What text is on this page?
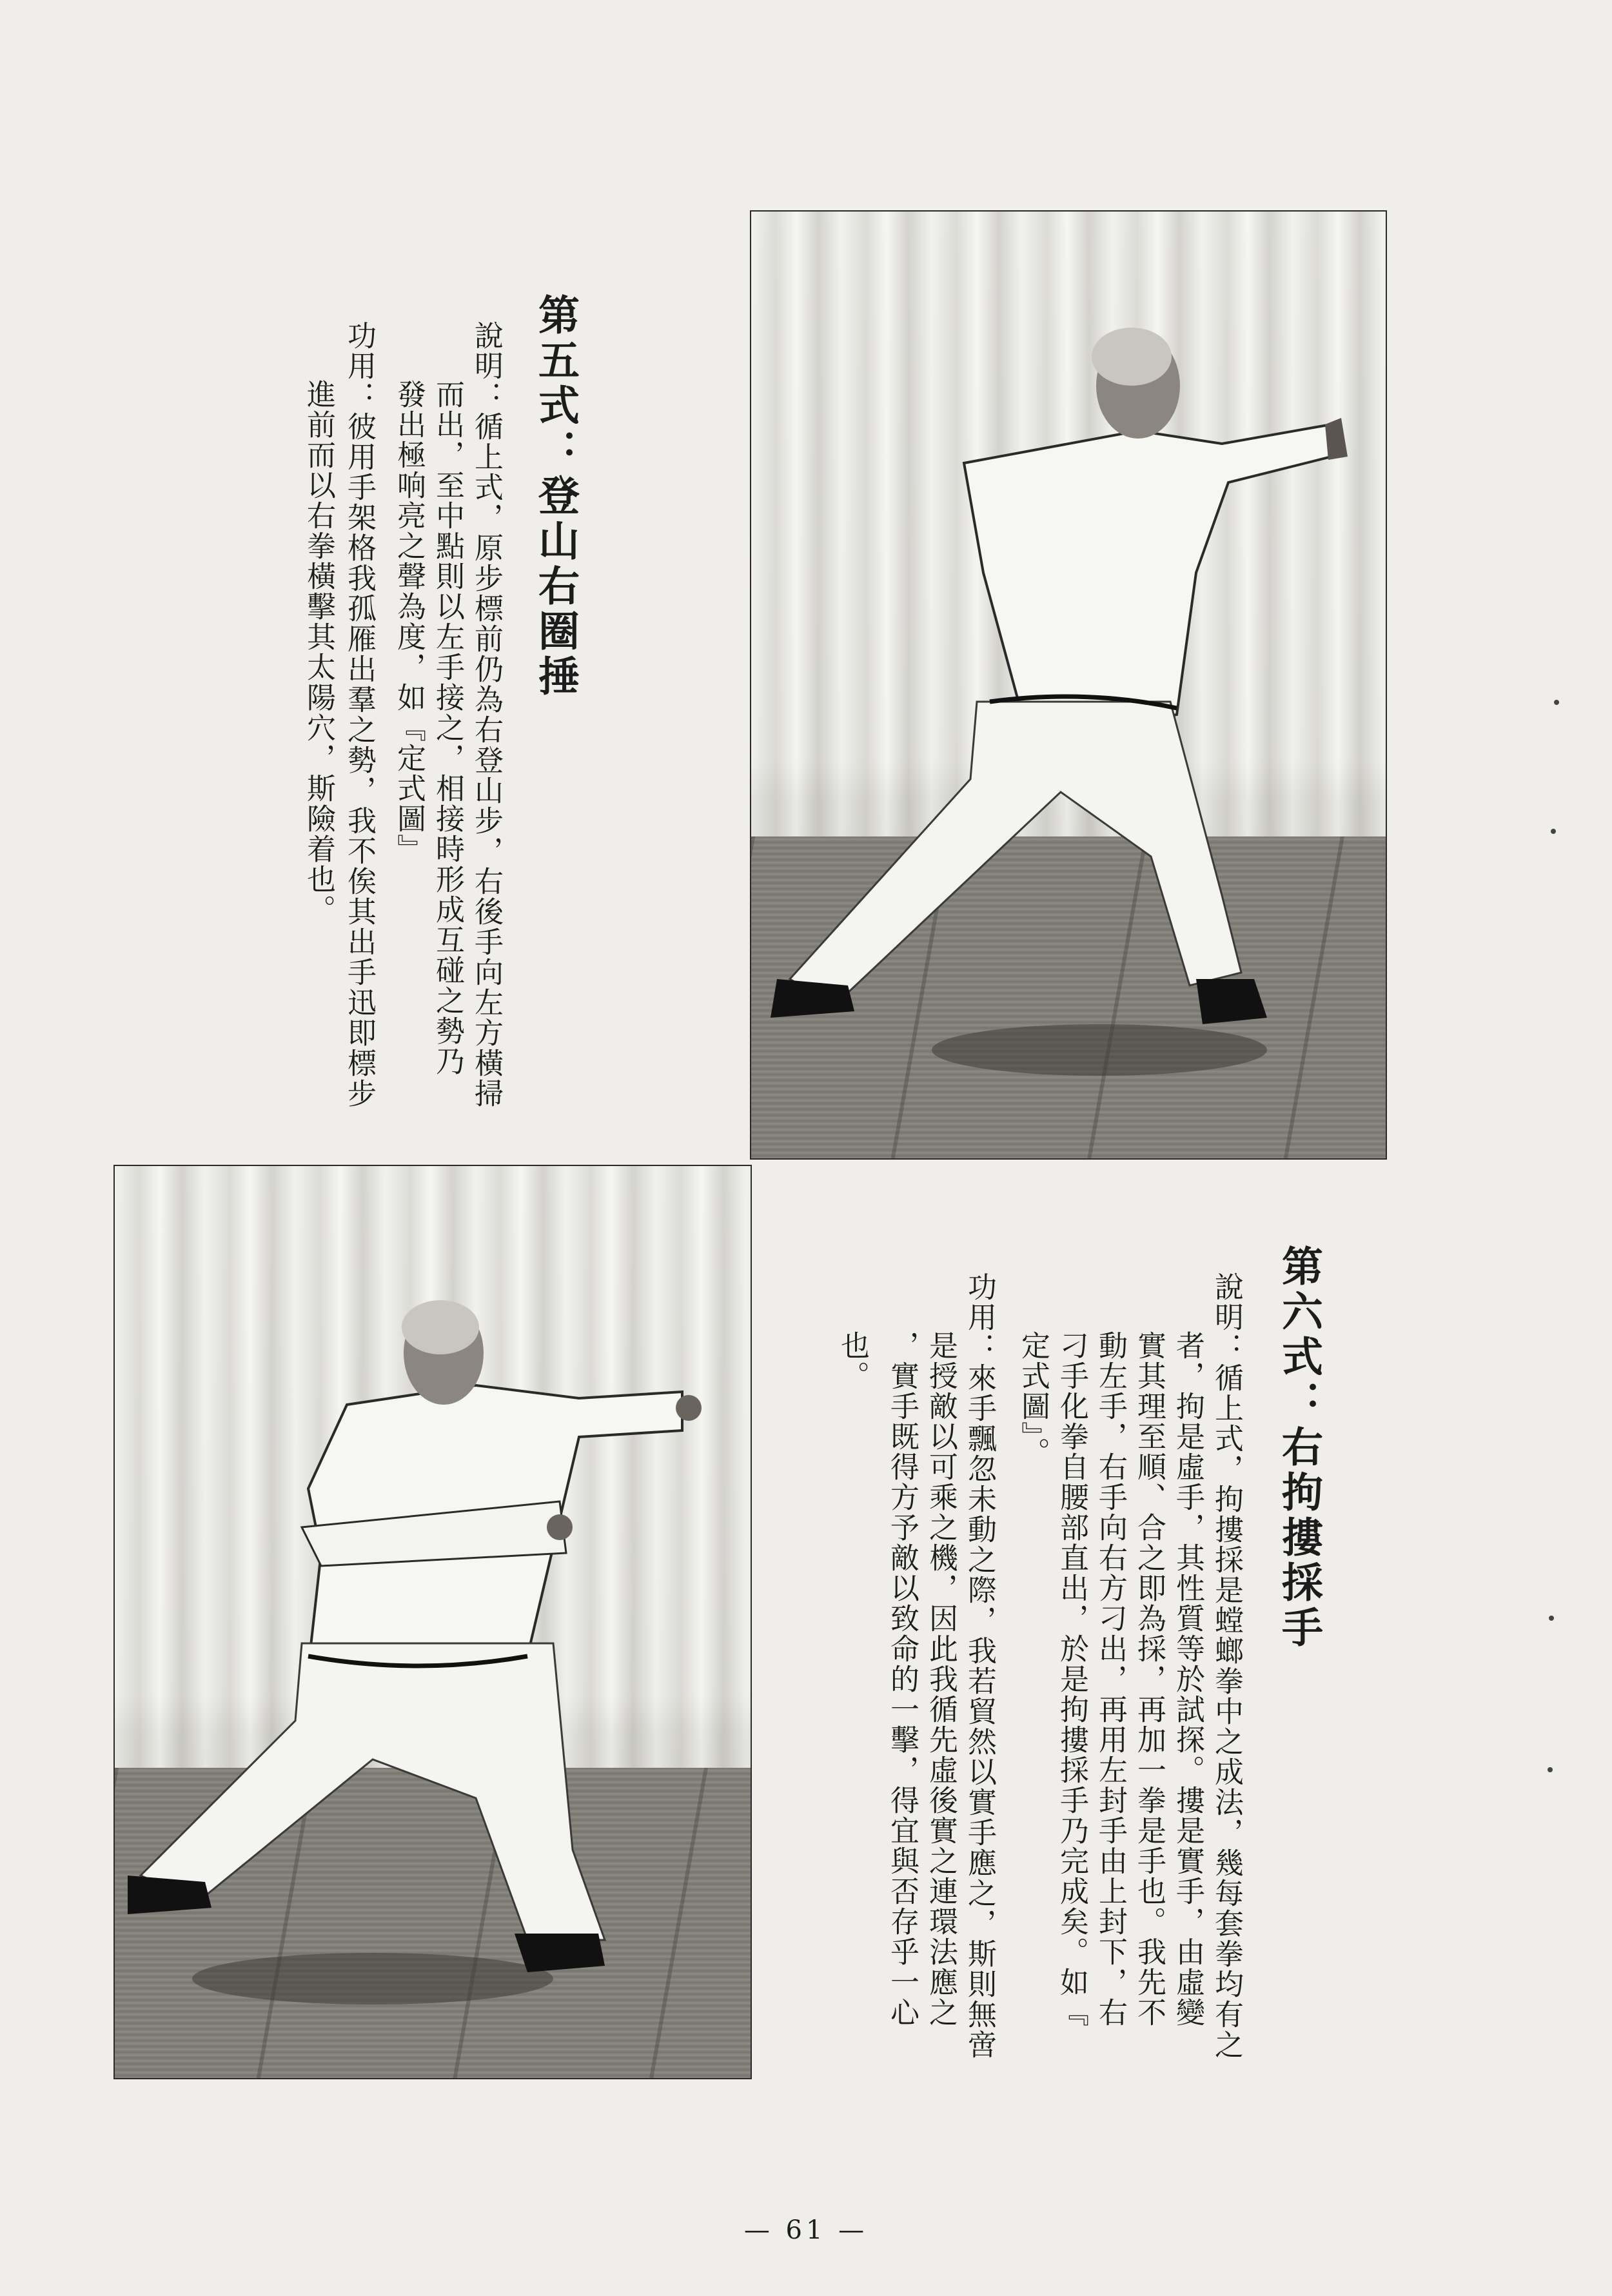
第五式：登山右圈捶
說明：循上式，原步標前仍為右登山步，右後手向左方橫掃
而出，至中點則以左手接之，相接時形成互碰之勢乃
發出極响亮之聲為度，如『定式圖』
功用：彼用手架格我孤雁出羣之勢，我不俟其出手迅即標步
進前而以右拳橫擊其太陽穴，斯險着也。
第六式：右拘摟採手
說明：循上式，拘摟採是螳螂拳中之成法，幾每套拳均有之
者，拘是虛手，其性質等於試探。摟是實手，由虛變
實其理至順、合之即為採，再加一拳是手也。我先不
動左手，右手向右方刁出，再用左封手由上封下，右
刁手化拳自腰部直出，於是拘摟採手乃完成矣。如『
定式圖』。
功用：來手飄忽未動之際，我若貿然以實手應之，斯則無啻
是授敵以可乘之機，因此我循先虛後實之連環法應之
，實手既得方予敵以致命的一擊，得宜與否存乎一心
也。
— 61 —
